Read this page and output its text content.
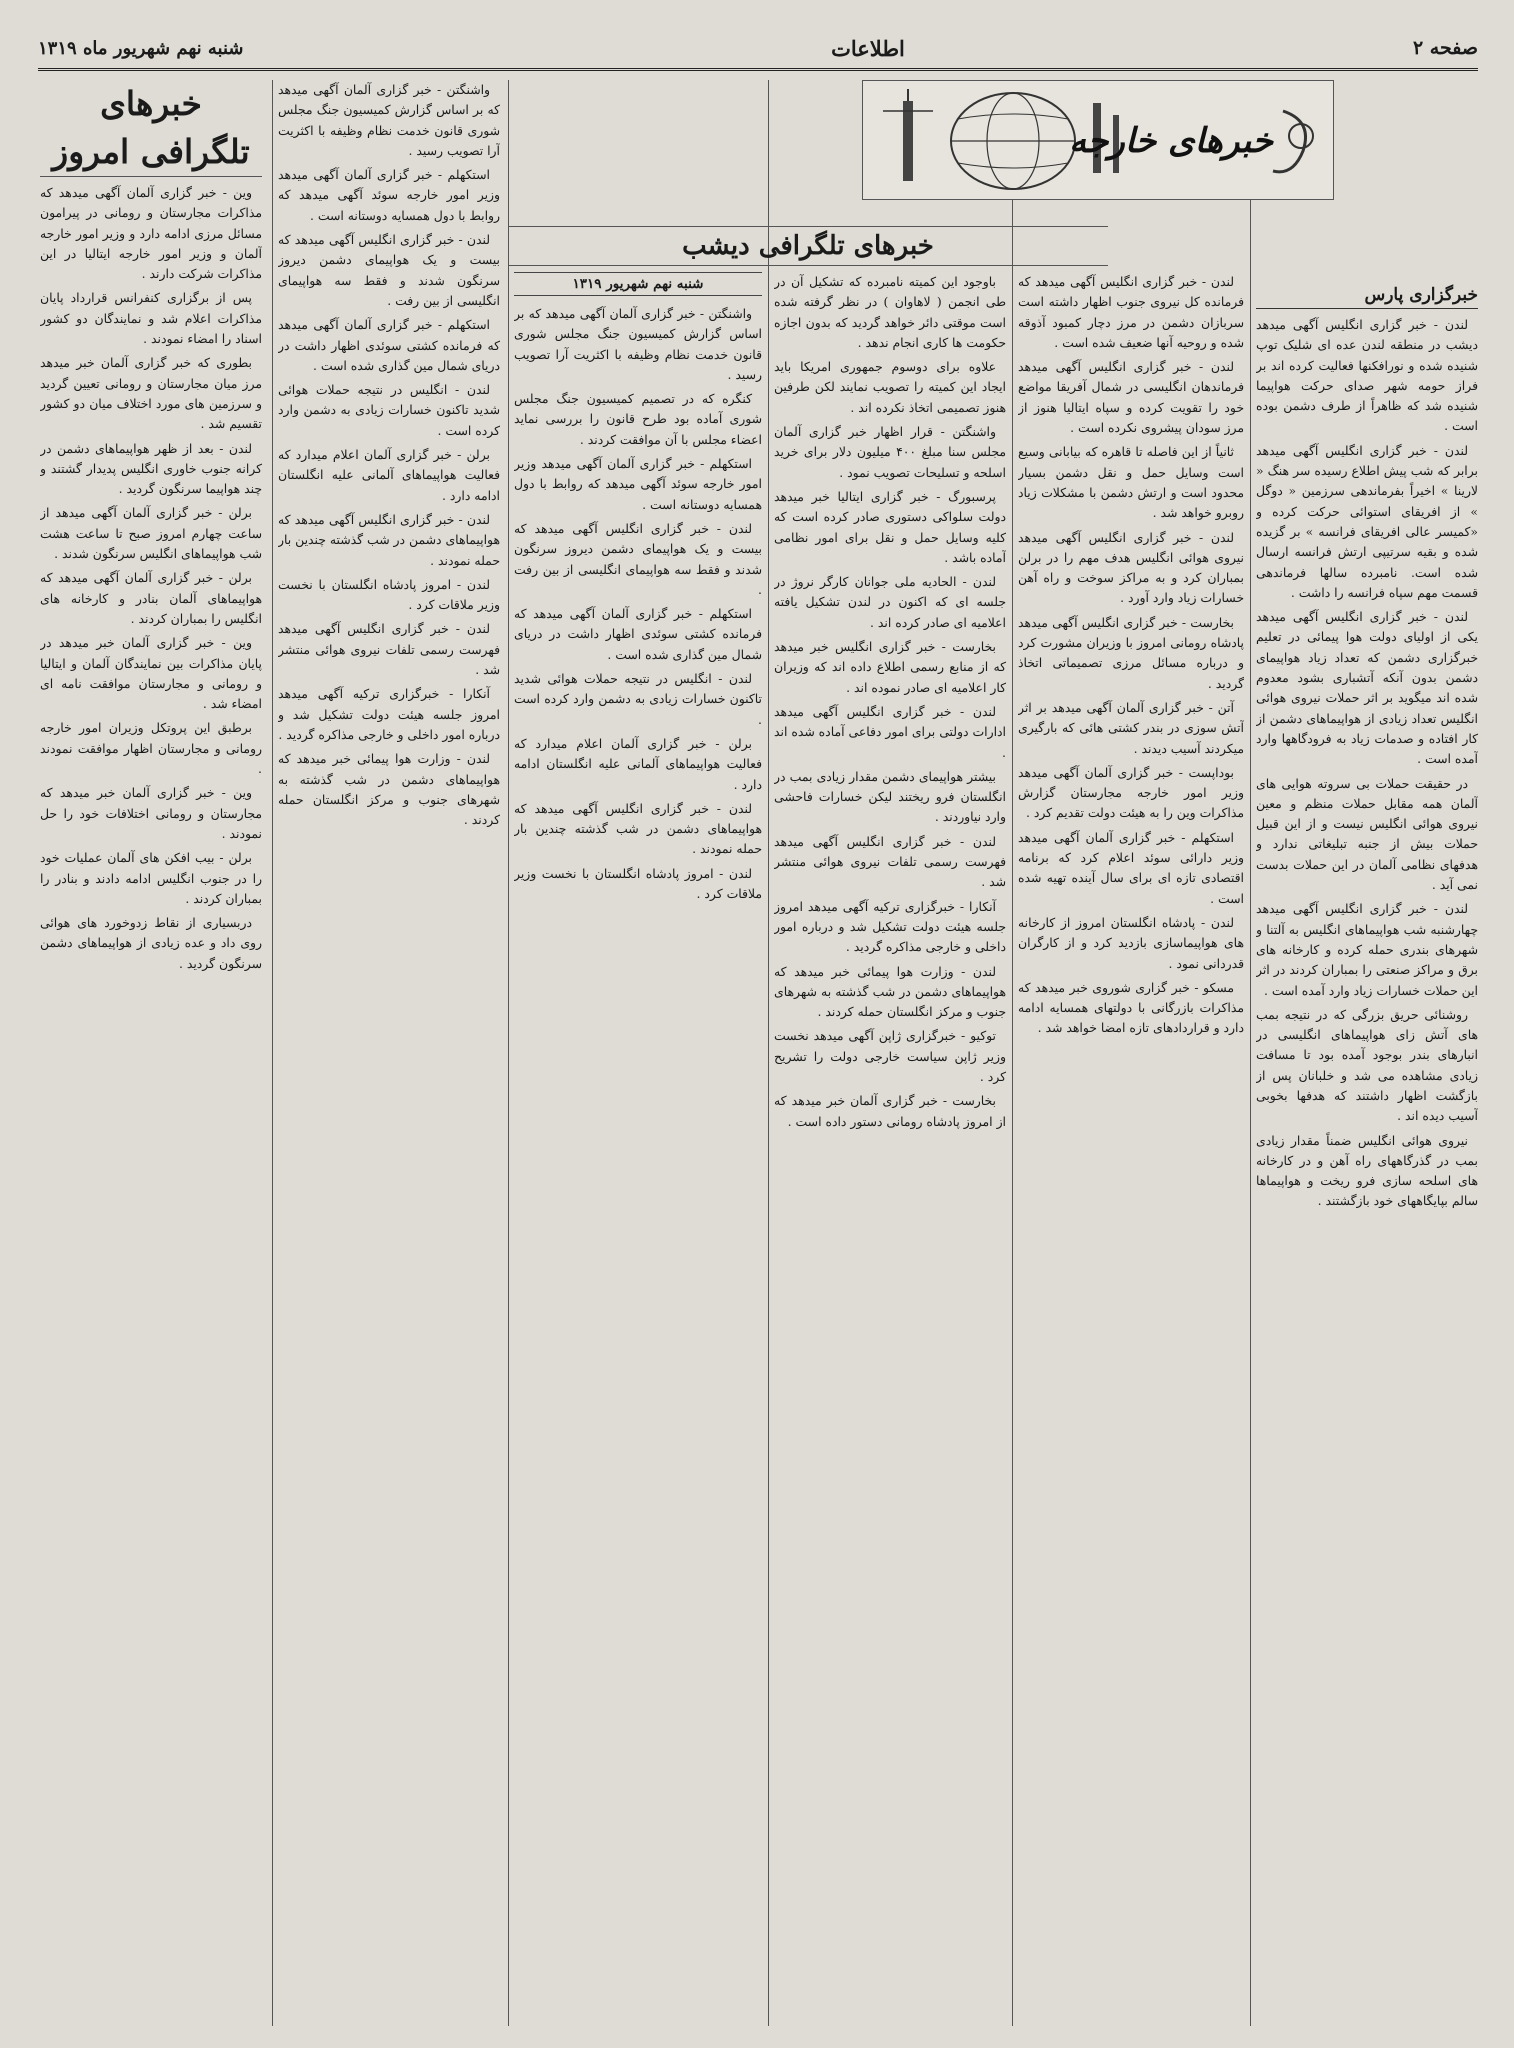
شنبه نهم شهریور ماه ۱۳۱۹	اطلاعات	صفحه ۲
خبرهای خارجه
خبرهای تلگرافی دیشب
خبرگزاری پارس

لندن - خبر گزاری انگلیس آگهی میدهد دیشب در منطقه لندن عده ای شلیک توپ شنیده شده و نورافکنها فعالیت کرده اند بر فراز حومه شهر صدای حرکت هواپیما شنیده شد که ظاهراً از طرف دشمن بوده است .

لندن - خبر گزاری انگلیس آگهی میدهد برابر که شب پیش اطلاع رسیده سر هنگ « لارینا » اخیراً بفرماندهی سرزمین « دوگل » از افریقای استوائی حرکت کرده و «کمیسر عالی افریقای فرانسه » بر گزیده شده و بقیه سرتیپی ارتش فرانسه ارسال شده است. نامبرده سالها فرماندهی قسمت مهم سپاه فرانسه را داشت .

لندن - خبر گزاری انگلیس آگهی میدهد یکی از اولیای دولت هوا پیمائی در تعلیم خبرگزاری دشمن که تعداد زیاد هواپیمای دشمن بدون آنکه آتشباری بشود معدوم شده اند میگوید بر اثر حملات نیروی هوائی انگلیس تعداد زیادی از هواپیماهای دشمن از کار افتاده و صدمات زیاد به فرودگاهها وارد آمده است .

در حقیقت حملات بی سروته هوایی های آلمان همه مقابل حملات منظم و معین نیروی هوائی انگلیس نیست و از این قبیل حملات بیش از جنبه تبلیغاتی ندارد و هدفهای نظامی آلمان در این حملات بدست نمی آید .

لندن - خبر گزاری انگلیس آگهی میدهد چهارشنبه شب هواپیماهای انگلیس به آلتنا و شهرهای بندری حمله کرده و کارخانه های برق و مراکز صنعتی را بمباران کردند در اثر این حملات خسارات زیاد وارد آمده است .

روشنائی حریق بزرگی که در نتیجه بمب های آتش زای هواپیماهای انگلیسی در انبارهای بندر بوجود آمده بود تا مسافت زیادی مشاهده می شد و خلبانان پس از بازگشت اظهار داشتند که هدفها بخوبی آسیب دیده اند .

نیروی هوائی انگلیس ضمناً مقدار زیادی بمب در گذرگاههای راه آهن و در کارخانه های اسلحه سازی فرو ریخت و هواپیماها سالم بپایگاههای خود بازگشتند .

لندن - خبر گزاری انگلیس آگهی میدهد که فرمانده کل نیروی جنوب اظهار داشته است سربازان دشمن در مرز دچار کمبود آذوقه شده و روحیه آنها ضعیف شده است .

لندن - خبر گزاری انگلیس آگهی میدهد فرماندهان انگلیسی در شمال آفریقا مواضع خود را تقویت کرده و سپاه ایتالیا هنوز از مرز سودان پیشروی نکرده است .

ثانیاً از این فاصله تا قاهره که بیابانی وسیع است وسایل حمل و نقل دشمن بسیار محدود است و ارتش دشمن با مشکلات زیاد روبرو خواهد شد .

لندن - خبر گزاری انگلیس آگهی میدهد نیروی هوائی انگلیس هدف مهم را در برلن بمباران کرد و به مراکز سوخت و راه آهن خسارات زیاد وارد آورد .

بخارست - خبر گزاری انگلیس آگهی میدهد پادشاه رومانی امروز با وزیران مشورت کرد و درباره مسائل مرزی تصمیماتی اتخاذ گردید .

آتن - خبر گزاری آلمان آگهی میدهد بر اثر آتش سوزی در بندر کشتی هائی که بارگیری میکردند آسیب دیدند .

بوداپست - خبر گزاری آلمان آگهی میدهد وزیر امور خارجه مجارستان گزارش مذاکرات وین را به هیئت دولت تقدیم کرد .

استکهلم - خبر گزاری آلمان آگهی میدهد وزیر دارائی سوئد اعلام کرد که برنامه اقتصادی تازه ای برای سال آینده تهیه شده است .

لندن - پادشاه انگلستان امروز از کارخانه های هواپیماسازی بازدید کرد و از کارگران قدردانی نمود .

مسکو - خبر گزاری شوروی خبر میدهد که مذاکرات بازرگانی با دولتهای همسایه ادامه دارد و قراردادهای تازه امضا خواهد شد .

باوجود این کمیته نامبرده که تشکیل آن در طی انجمن ( لاهاوان ) در نظر گرفته شده است موقتی دائر خواهد گردید که بدون اجازه حکومت ها کاری انجام ندهد .

علاوه برای دوسوم جمهوری امریکا باید ایجاد این کمیته را تصویب نمایند لکن طرفین هنوز تصمیمی اتخاذ نکرده اند .

واشنگتن - قرار اظهار خبر گزاری آلمان مجلس سنا مبلغ ۴۰۰ میلیون دلار برای خرید اسلحه و تسلیحات تصویب نمود .

پرسبورگ - خبر گزاری ایتالیا خبر میدهد دولت سلواکی دستوری صادر کرده است که کلیه وسایل حمل و نقل برای امور نظامی آماده باشد .

لندن - الحادیه ملی جوانان کارگر نروژ در جلسه ای که اکنون در لندن تشکیل یافته اعلامیه ای صادر کرده اند .

بخارست - خبر گزاری انگلیس خبر میدهد که از منابع رسمی اطلاع داده اند که وزیران کار اعلامیه ای صادر نموده اند .

لندن - خبر گزاری انگلیس آگهی میدهد ادارات دولتی برای امور دفاعی آماده شده اند .

بیشتر هواپیمای دشمن مقدار زیادی بمب در انگلستان فرو ریختند لیکن خسارات فاحشی وارد نیاوردند .

لندن - خبر گزاری انگلیس آگهی میدهد فهرست رسمی تلفات نیروی هوائی منتشر شد .

آنکارا - خبرگزاری ترکیه آگهی میدهد امروز جلسه هیئت دولت تشکیل شد و درباره امور داخلی و خارجی مذاکره گردید .

لندن - وزارت هوا پیمائی خبر میدهد که هواپیماهای دشمن در شب گذشته به شهرهای جنوب و مرکز انگلستان حمله کردند .

توکیو - خبرگزاری ژاپن آگهی میدهد نخست وزیر ژاپن سیاست خارجی دولت را تشریح کرد .

بخارست - خبر گزاری آلمان خبر میدهد که از امروز پادشاه رومانی دستور داده است .

شنبه نهم شهریور ۱۳۱۹

واشنگتن - خبر گزاری آلمان آگهی میدهد که بر اساس گزارش کمیسیون جنگ مجلس شوری قانون خدمت نظام وظیفه با اکثریت آرا تصویب رسید .

کنگره که در تصمیم کمیسیون جنگ مجلس شوری آماده بود طرح قانون را بررسی نماید اعضاء مجلس با آن موافقت کردند .

استکهلم - خبر گزاری آلمان آگهی میدهد وزیر امور خارجه سوئد آگهی میدهد که روابط با دول همسایه دوستانه است .

لندن - خبر گزاری انگلیس آگهی میدهد که بیست و یک هواپیمای دشمن دیروز سرنگون شدند و فقط سه هواپیمای انگلیسی از بین رفت .

استکهلم - خبر گزاری آلمان آگهی میدهد که فرمانده کشتی سوئدی اظهار داشت در دریای شمال مین گذاری شده است .

لندن - انگلیس در نتیجه حملات هوائی شدید تاکنون خسارات زیادی به دشمن وارد کرده است .

برلن - خبر گزاری آلمان اعلام میدارد که فعالیت هواپیماهای آلمانی علیه انگلستان ادامه دارد .

لندن - خبر گزاری انگلیس آگهی میدهد که هواپیماهای دشمن در شب گذشته چندین بار حمله نمودند .

لندن - امروز پادشاه انگلستان با نخست وزیر ملاقات کرد .

خبرهای تلگرافی امروز

وین - خبر گزاری آلمان آگهی میدهد که مذاکرات مجارستان و رومانی در پیرامون مسائل مرزی ادامه دارد و وزیر امور خارجه آلمان و وزیر امور خارجه ایتالیا در این مذاکرات شرکت دارند .

پس از برگزاری کنفرانس قرارداد پایان مذاکرات اعلام شد و نمایندگان دو کشور اسناد را امضاء نمودند .

بطوری که خبر گزاری آلمان خبر میدهد مرز میان مجارستان و رومانی تعیین گردید و سرزمین های مورد اختلاف میان دو کشور تقسیم شد .

لندن - بعد از ظهر هواپیماهای دشمن در کرانه جنوب خاوری انگلیس پدیدار گشتند و چند هواپیما سرنگون گردید .

برلن - خبر گزاری آلمان آگهی میدهد از ساعت چهارم امروز صبح تا ساعت هشت شب هواپیماهای انگلیس سرنگون شدند .

برلن - خبر گزاری آلمان آگهی میدهد که هواپیماهای آلمان بنادر و کارخانه های انگلیس را بمباران کردند .

وین - خبر گزاری آلمان خبر میدهد در پایان مذاکرات بین نمایندگان آلمان و ایتالیا و رومانی و مجارستان موافقت نامه ای امضاء شد .

برطبق این پروتکل وزیران امور خارجه رومانی و مجارستان اظهار موافقت نمودند .

وین - خبر گزاری آلمان خبر میدهد که مجارستان و رومانی اختلافات خود را حل نمودند .

برلن - بیب افکن های آلمان عملیات خود را در جنوب انگلیس ادامه دادند و بنادر را بمباران کردند .

دربسیاری از نقاط زدوخورد های هوائی روی داد و عده زیادی از هواپیماهای دشمن سرنگون گردید .

واشنگتن - خبر گزاری آلمان آگهی میدهد که بر اساس گزارش کمیسیون جنگ مجلس شوری قانون خدمت نظام وظیفه با اکثریت آرا تصویب رسید .

استکهلم - خبر گزاری آلمان آگهی میدهد وزیر امور خارجه سوئد آگهی میدهد که روابط با دول همسایه دوستانه است .

لندن - خبر گزاری انگلیس آگهی میدهد که بیست و یک هواپیمای دشمن دیروز سرنگون شدند و فقط سه هواپیمای انگلیسی از بین رفت .

استکهلم - خبر گزاری آلمان آگهی میدهد که فرمانده کشتی سوئدی اظهار داشت در دریای شمال مین گذاری شده است .

لندن - انگلیس در نتیجه حملات هوائی شدید تاکنون خسارات زیادی به دشمن وارد کرده است .

برلن - خبر گزاری آلمان اعلام میدارد که فعالیت هواپیماهای آلمانی علیه انگلستان ادامه دارد .

لندن - خبر گزاری انگلیس آگهی میدهد که هواپیماهای دشمن در شب گذشته چندین بار حمله نمودند .

لندن - امروز پادشاه انگلستان با نخست وزیر ملاقات کرد .

لندن - خبر گزاری انگلیس آگهی میدهد فهرست رسمی تلفات نیروی هوائی منتشر شد .

آنکارا - خبرگزاری ترکیه آگهی میدهد امروز جلسه هیئت دولت تشکیل شد و درباره امور داخلی و خارجی مذاکره گردید .

لندن - وزارت هوا پیمائی خبر میدهد که هواپیماهای دشمن در شب گذشته به شهرهای جنوب و مرکز انگلستان حمله کردند .
